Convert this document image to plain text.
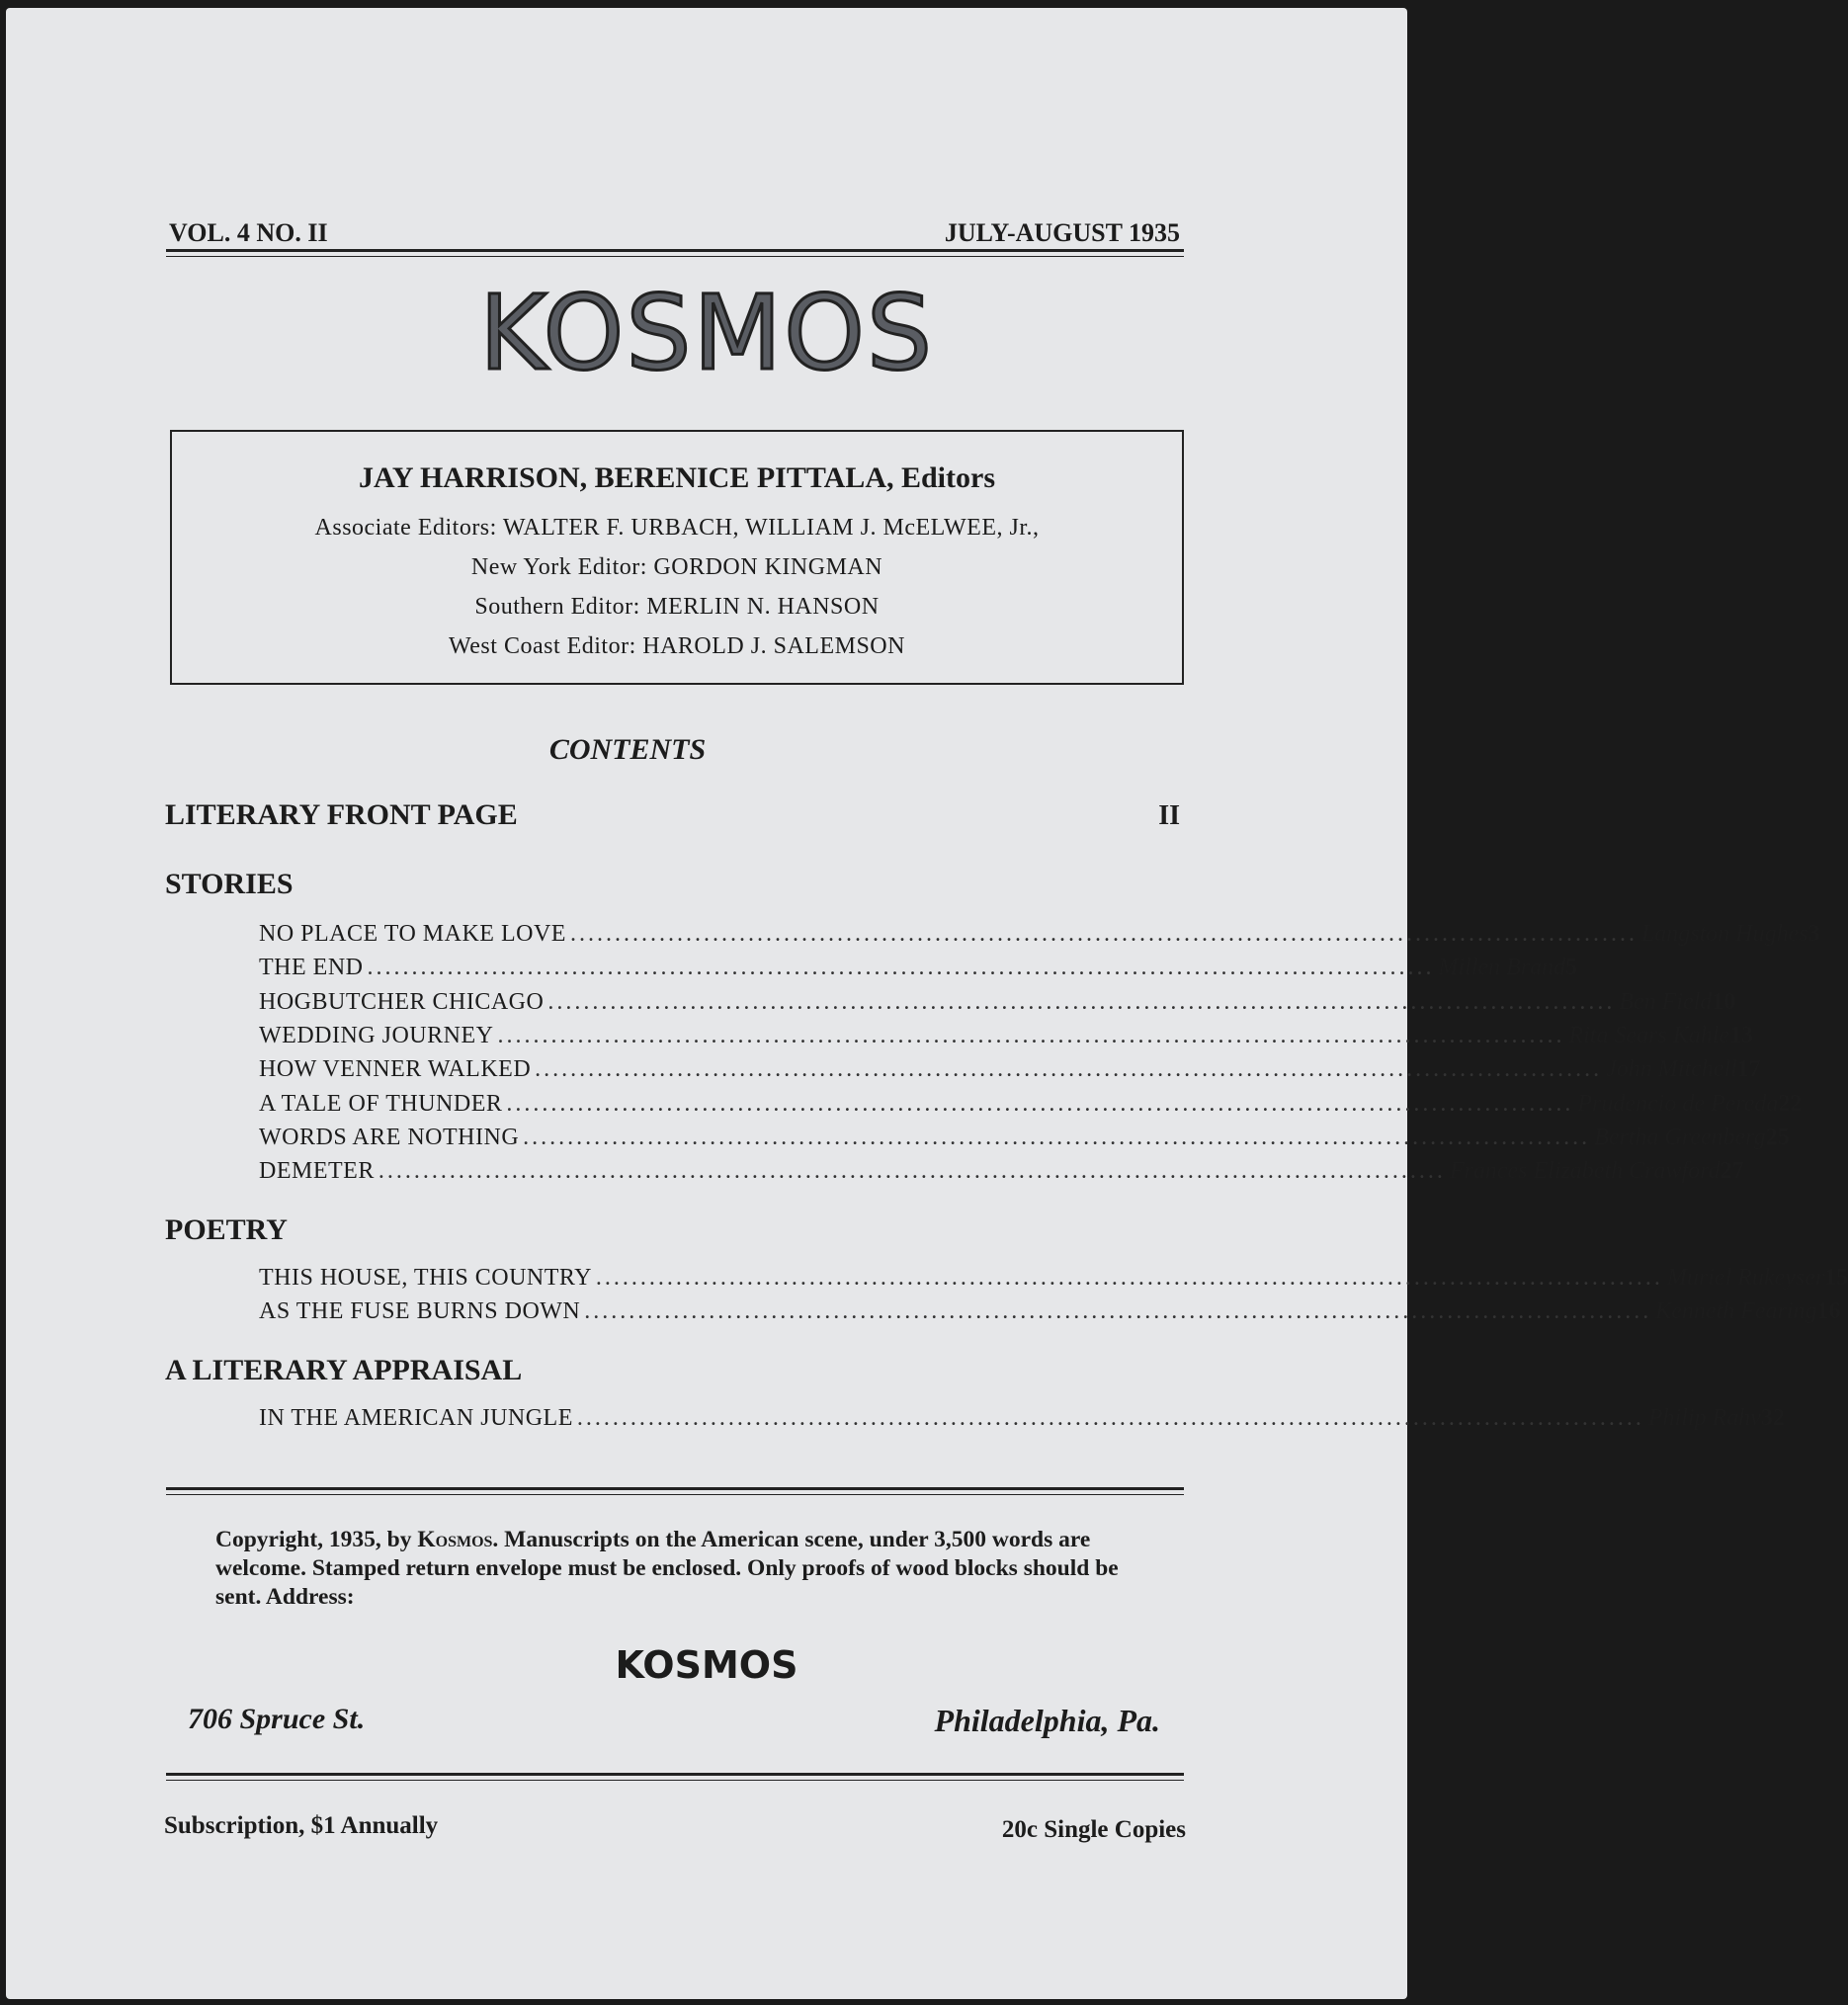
VOL. 4 NO. II	JULY-AUGUST 1935
KOSMOS
JAY HARRISON, BERENICE PITTALA, Editors
Associate Editors: WALTER F. URBACH, WILLIAM J. McELWEE, Jr.,
New York Editor: GORDON KINGMAN
Southern Editor: MERLIN N. HANSON
West Coast Editor: HAROLD J. SALEMSON
CONTENTS
LITERARY FRONT PAGE	II
STORIES
NO PLACE TO MAKE LOVE ........................................................................................................................ Langston Hughes 3
THE END ........................................................................................................................ Millen Brand 5
HOGBUTCHER CHICAGO ........................................................................................................................ Ben Field 10
WEDDING JOURNEY ........................................................................................................................ Rita Sears Kahle 13
HOW VENNER WALKED ........................................................................................................................ John Mitchell 17
A TALE OF THUNDER ........................................................................................................................ Prudencio de Pereda 22
WORDS ARE NOTHING ........................................................................................................................ Bertha Greenberg 25
DEMETER ........................................................................................................................ Frances Elizabeth Crawford 27
POETRY
THIS HOUSE, THIS COUNTRY ........................................................................................................................ Muriel Rukeyser 15
AS THE FUSE BURNS DOWN ........................................................................................................................ Kenneth Fearing 16
A LITERARY APPRAISAL
IN THE AMERICAN JUNGLE ........................................................................................................................ Philip Rahv 32
Copyright, 1935, by Kosmos. Manuscripts on the American scene, under 3,500 words are welcome. Stamped return envelope must be enclosed. Only proofs of wood blocks should be sent. Address:
KOSMOS
706 Spruce St.	Philadelphia, Pa.
Subscription, $1 Annually	20c Single Copies
